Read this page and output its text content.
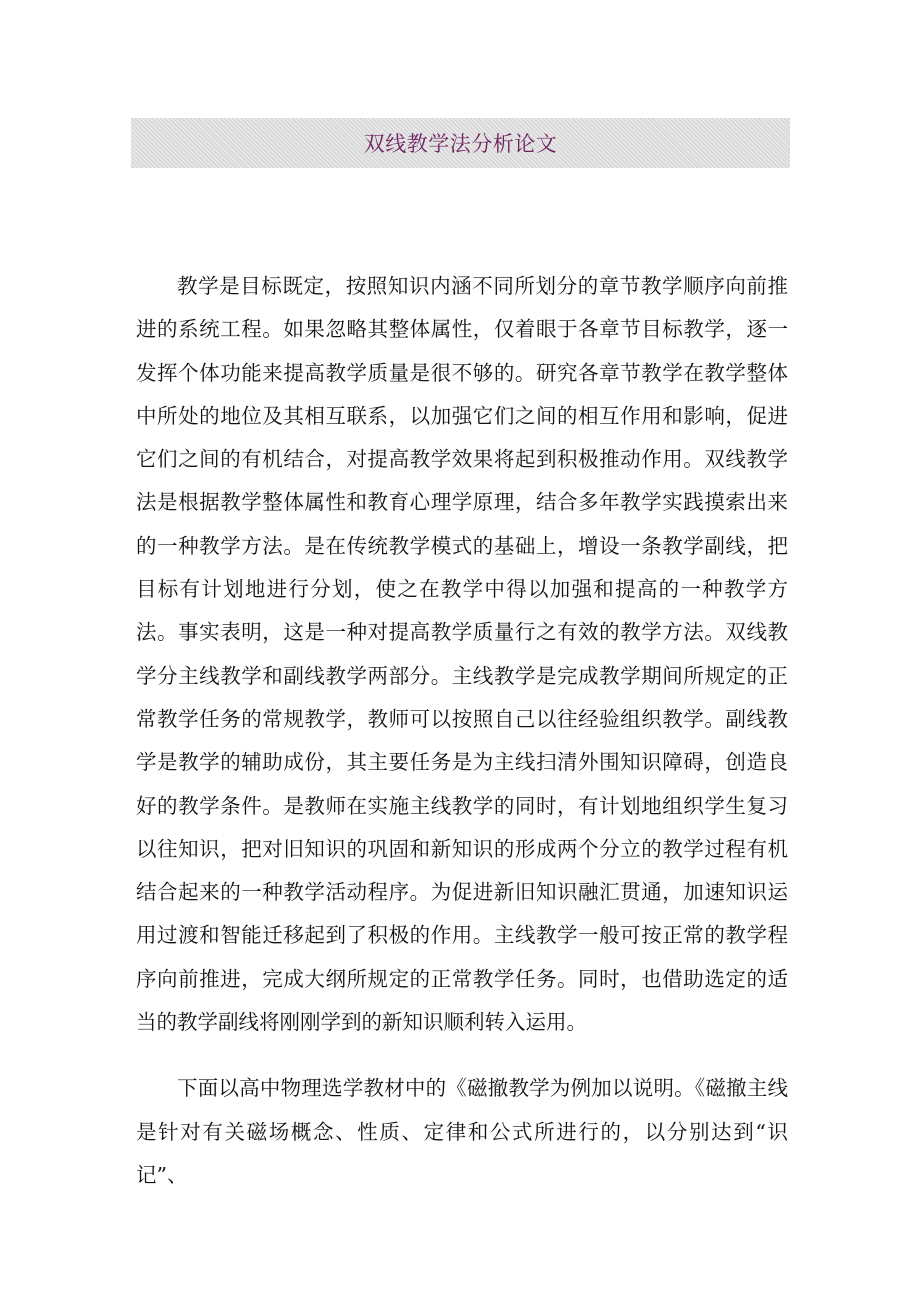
双线教学法分析论文

教学是目标既定，按照知识内涵不同所划分的章节教学顺序向前推进的系统工程。如果忽略其整体属性，仅着眼于各章节目标教学，逐一发挥个体功能来提高教学质量是很不够的。研究各章节教学在教学整体中所处的地位及其相互联系，以加强它们之间的相互作用和影响，促进它们之间的有机结合，对提高教学效果将起到积极推动作用。双线教学法是根据教学整体属性和教育心理学原理，结合多年教学实践摸索出来的一种教学方法。是在传统教学模式的基础上，增设一条教学副线，把目标有计划地进行分划，使之在教学中得以加强和提高的一种教学方法。事实表明，这是一种对提高教学质量行之有效的教学方法。双线教学分主线教学和副线教学两部分。主线教学是完成教学期间所规定的正常教学任务的常规教学，教师可以按照自己以往经验组织教学。副线教学是教学的辅助成份，其主要任务是为主线扫清外围知识障碍，创造良好的教学条件。是教师在实施主线教学的同时，有计划地组织学生复习以往知识，把对旧知识的巩固和新知识的形成两个分立的教学过程有机结合起来的一种教学活动程序。为促进新旧知识融汇贯通，加速知识运用过渡和智能迁移起到了积极的作用。主线教学一般可按正常的教学程序向前推进，完成大纲所规定的正常教学任务。同时，也借助选定的适当的教学副线将刚刚学到的新知识顺利转入运用。

下面以高中物理选学教材中的《磁撤教学为例加以说明。《磁撤主线是针对有关磁场概念、性质、定律和公式所进行的，以分别达到“识记”、
